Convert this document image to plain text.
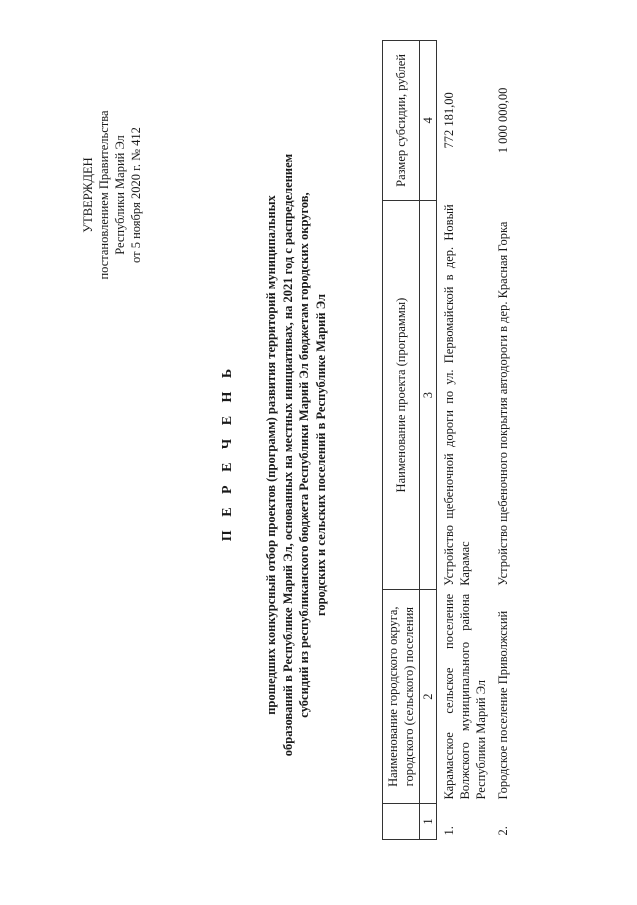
УТВЕРЖДЕН постановлением Правительства Республики Марий Эл от 5 ноября 2020 г. № 412
П Е Р Е Ч Е Н Ь прошедших конкурсный отбор проектов (программ) развития территорий муниципальных образований в Республике Марий Эл, основанных на местных инициативах, на 2021 год с распределением субсидий из республиканского бюджета Республики Марий Эл бюджетам городских округов, городских и сельских поселений в Республике Марий Эл
	Наименование городского округа, городского (сельского) поселения	Наименование проекта (программы)	Размер субсидии, рублей
1	2	3	4
1.	Карамасское сельское поселение Волжского муниципального района Республики Марий Эл	Устройство щебеночной дороги по ул. Первомайской в дер. Новый Карамас	772 181,00
2.	Городское поселение Приволжский	Устройство щебеночного покрытия автодороги в дер. Красная Горка	1 000 000,00
